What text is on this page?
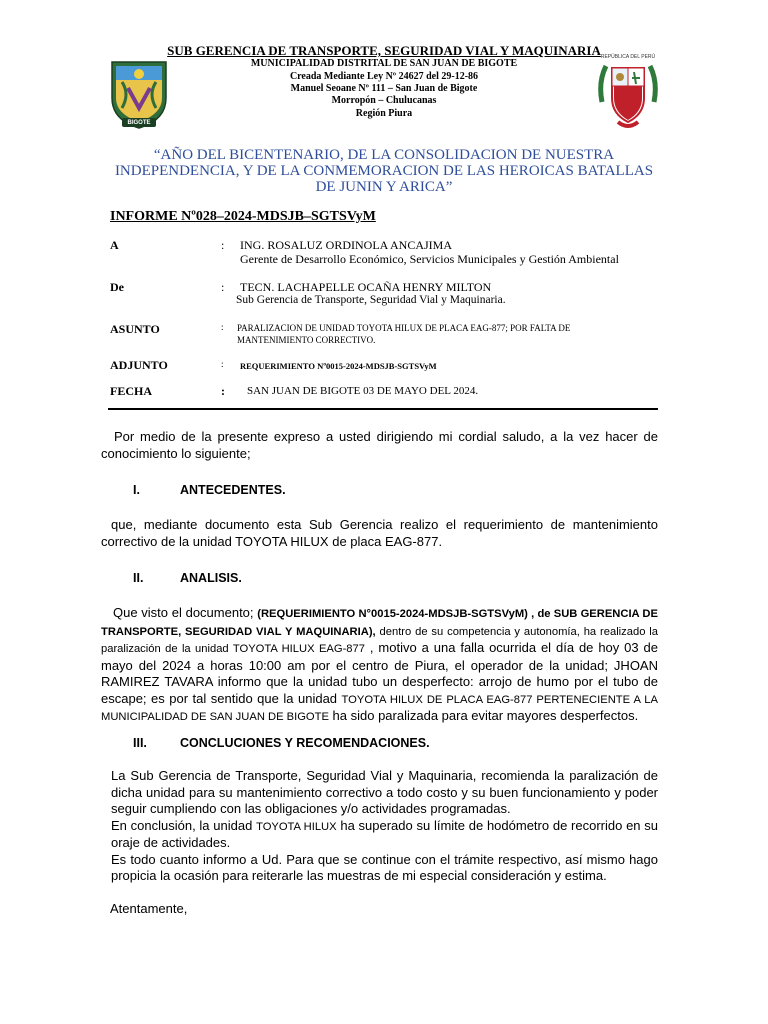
SUB GERENCIA DE TRANSPORTE, SEGURIDAD VIAL Y MAQUINARIA
MUNICIPALIDAD DISTRITAL DE SAN JUAN DE BIGOTE
Creada Mediante Ley Nº 24627 del 29-12-86
Manuel Seoane Nº 111 – San Juan de Bigote
Morropón – Chulucanas
Región Piura
BIGOTE
REPÚBLICA DEL PERÚ
“AÑO DEL BICENTENARIO, DE LA CONSOLIDACION DE NUESTRA INDEPENDENCIA, Y DE LA CONMEMORACION DE LAS HEROICAS BATALLAS DE JUNIN Y ARICA”
INFORME Nº028–2024-MDSJB–SGTSVyM
A	: ING. ROSALUZ ORDINOLA ANCAJIMA
Gerente de Desarrollo Económico, Servicios Municipales y Gestión Ambiental
De	: TECN. LACHAPELLE OCAÑA HENRY MILTON
Sub Gerencia de Transporte, Seguridad Vial y Maquinaria.
ASUNTO	: PARALIZACION DE UNIDAD TOYOTA HILUX DE PLACA EAG-877; POR FALTA DE
MANTENIMIENTO CORRECTIVO.
ADJUNTO	: REQUERIMIENTO Nº0015-2024-MDSJB-SGTSVyM
FECHA	: SAN JUAN DE BIGOTE 03 DE MAYO DEL 2024.
Por medio de la presente expreso a usted dirigiendo mi cordial saludo, a la vez hacer de conocimiento lo siguiente;
I.	ANTECEDENTES.
que, mediante documento esta Sub Gerencia realizo el requerimiento de mantenimiento correctivo de la unidad TOYOTA HILUX de placa EAG-877.
II.	ANALISIS.
Que visto el documento; (REQUERIMIENTO N°0015-2024-MDSJB-SGTSVyM) , de SUB GERENCIA DE TRANSPORTE, SEGURIDAD VIAL Y MAQUINARIA), dentro de su competencia y autonomía, ha realizado la paralización de la unidad TOYOTA HILUX EAG-877 , motivo a una falla ocurrida el día de hoy 03 de mayo del 2024 a horas 10:00 am por el centro de Piura, el operador de la unidad; JHOAN RAMIREZ TAVARA informo que la unidad tubo un desperfecto: arrojo de humo por el tubo de escape; es por tal sentido que la unidad TOYOTA HILUX DE PLACA EAG-877 PERTENECIENTE A LA MUNICIPALIDAD DE SAN JUAN DE BIGOTE ha sido paralizada para evitar mayores desperfectos.
III.	CONCLUCIONES Y RECOMENDACIONES.
La Sub Gerencia de Transporte, Seguridad Vial y Maquinaria, recomienda la paralización de dicha unidad para su mantenimiento correctivo a todo costo y su buen funcionamiento y poder seguir cumpliendo con las obligaciones y/o actividades programadas.
En conclusión, la unidad TOYOTA HILUX ha superado su límite de hodómetro de recorrido en su oraje de actividades.
Es todo cuanto informo a Ud. Para que se continue con el trámite respectivo, así mismo hago propicia la ocasión para reiterarle las muestras de mi especial consideración y estima.
Atentamente,
